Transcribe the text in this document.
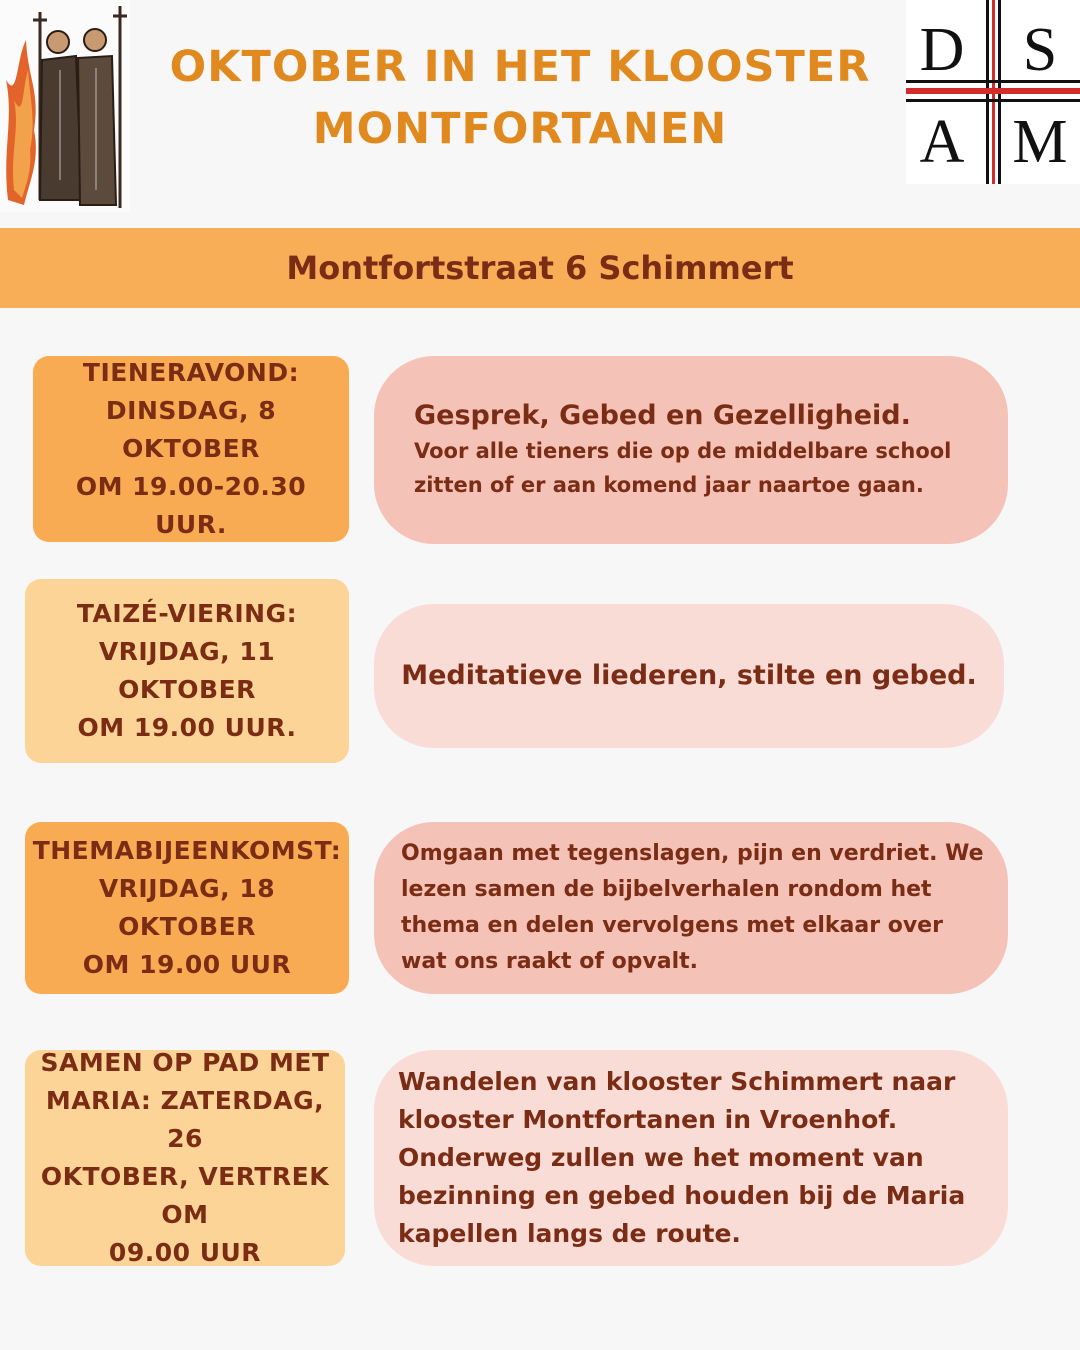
D S
A M
OKTOBER IN HET KLOOSTER
MONTFORTANEN
Montfortstraat 6 Schimmert
TIENERAVOND:
DINSDAG, 8 OKTOBER
OM 19.00-20.30 UUR.
Gesprek, Gebed en Gezelligheid.
Voor alle tieners die op de middelbare school zitten of er aan komend jaar naartoe gaan.
TAIZÉ-VIERING:
VRIJDAG, 11 OKTOBER
OM 19.00 UUR.
Meditatieve liederen, stilte en gebed.
THEMABIJEENKOMST:
VRIJDAG, 18 OKTOBER
OM 19.00 UUR
Omgaan met tegenslagen, pijn en verdriet. We lezen samen de bijbelverhalen rondom het thema en delen vervolgens met elkaar over wat ons raakt of opvalt.
SAMEN OP PAD MET
MARIA: ZATERDAG, 26
OKTOBER, VERTREK OM
09.00 UUR
Wandelen van klooster Schimmert naar klooster Montfortanen in Vroenhof. Onderweg zullen we het moment van bezinning en gebed houden bij de Maria kapellen langs de route.
